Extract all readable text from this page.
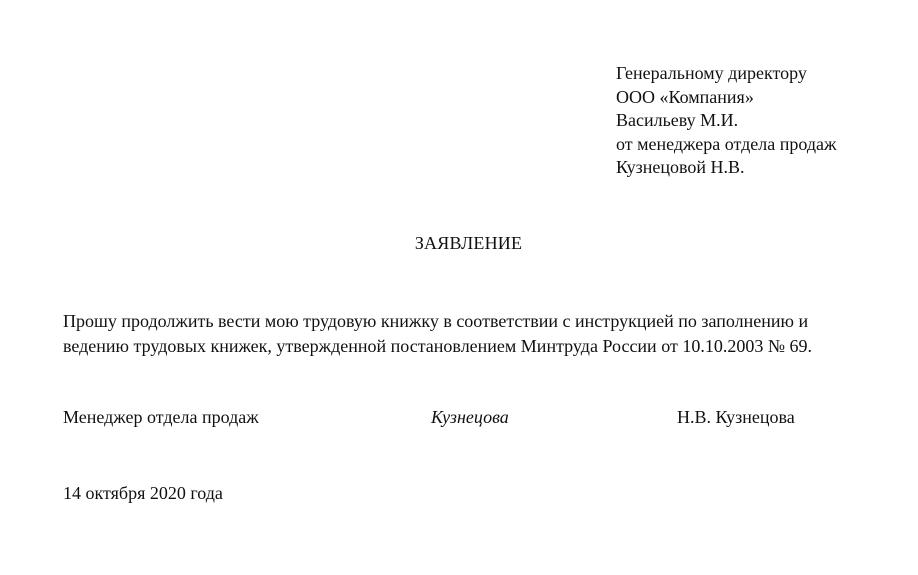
Генеральному директору
ООО «Компания»
Васильеву М.И.
от менеджера отдела продаж
Кузнецовой Н.В.
ЗАЯВЛЕНИЕ
Прошу продолжить вести мою трудовую книжку в соответствии с инструкцией по заполнению и
ведению трудовых книжек, утвержденной постановлением Минтруда России от 10.10.2003 № 69.
Менеджер отдела продаж	Кузнецова	Н.В. Кузнецова
14 октября 2020 года
